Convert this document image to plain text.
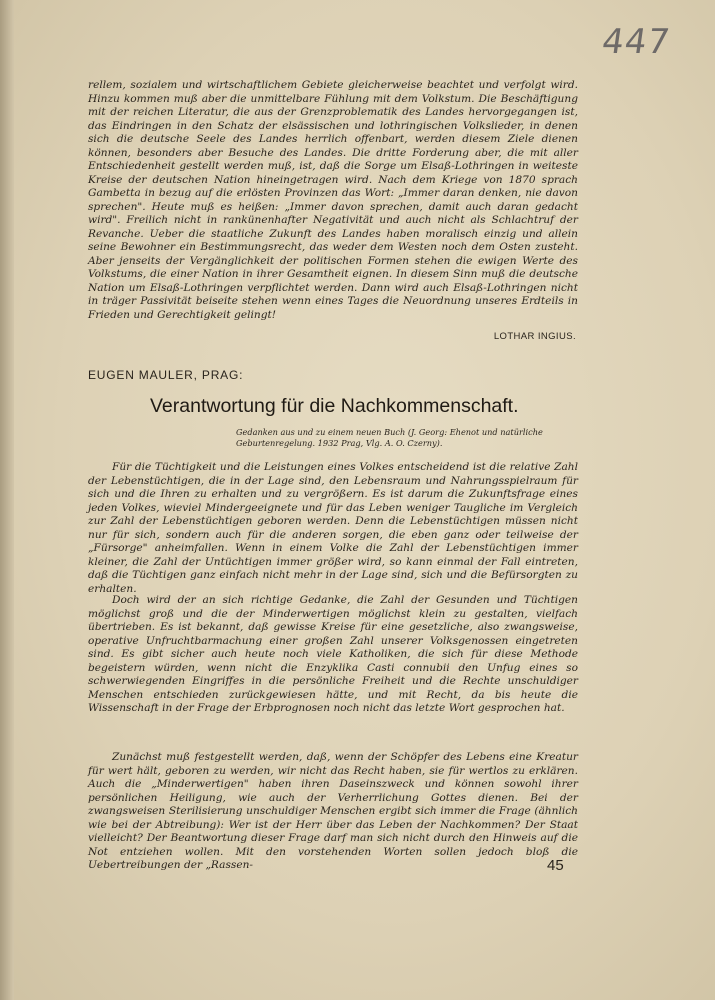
447

rellem, sozialem und wirtschaftlichem Gebiete gleicherweise beachtet und verfolgt wird. Hinzu kommen muß aber die unmittelbare Fühlung mit dem Volkstum. Die Beschäftigung mit der reichen Literatur, die aus der Grenzproblematik des Landes hervorgegangen ist, das Eindringen in den Schatz der elsässischen und lothringischen Volkslieder, in denen sich die deutsche Seele des Landes herrlich offenbart, werden diesem Ziele dienen können, besonders aber Besuche des Landes. Die dritte Forderung aber, die mit aller Entschiedenheit gestellt werden muß, ist, daß die Sorge um Elsaß-Lothringen in weiteste Kreise der deutschen Nation hineingetragen wird. Nach dem Kriege von 1870 sprach Gambetta in bezug auf die erlösten Provinzen das Wort: „Immer daran denken, nie davon sprechen". Heute muß es heißen: „Immer davon sprechen, damit auch daran gedacht wird". Freilich nicht in rankünenhafter Negativität und auch nicht als Schlachtruf der Revanche. Ueber die staatliche Zukunft des Landes haben moralisch einzig und allein seine Bewohner ein Bestimmungsrecht, das weder dem Westen noch dem Osten zusteht. Aber jenseits der Vergänglichkeit der politischen Formen stehen die ewigen Werte des Volkstums, die einer Nation in ihrer Gesamtheit eignen. In diesem Sinn muß die deutsche Nation um Elsaß-Lothringen verpflichtet werden. Dann wird auch Elsaß-Lothringen nicht in träger Passivität beiseite stehen wenn eines Tages die Neuordnung unseres Erdteils in Frieden und Gerechtigkeit gelingt!

LOTHAR INGIUS.
EUGEN MAULER, PRAG:
Verantwortung für die Nachkommenschaft.
Gedanken aus und zu einem neuen Buch (J. Georg: Ehenot und natürliche Geburtenregelung. 1932 Prag, Vlg. A. O. Czerny).

Für die Tüchtigkeit und die Leistungen eines Volkes entscheidend ist die relative Zahl der Lebenstüchtigen, die in der Lage sind, den Lebensraum und Nahrungsspielraum für sich und die Ihren zu erhalten und zu vergrößern. Es ist darum die Zukunftsfrage eines jeden Volkes, wieviel Mindergeeignete und für das Leben weniger Taugliche im Vergleich zur Zahl der Lebenstüchtigen geboren werden. Denn die Lebenstüchtigen müssen nicht nur für sich, sondern auch für die anderen sorgen, die eben ganz oder teilweise der „Fürsorge" anheimfallen. Wenn in einem Volke die Zahl der Lebenstüchtigen immer kleiner, die Zahl der Untüchtigen immer größer wird, so kann einmal der Fall eintreten, daß die Tüchtigen ganz einfach nicht mehr in der Lage sind, sich und die Befürsorgten zu erhalten.

Doch wird der an sich richtige Gedanke, die Zahl der Gesunden und Tüchtigen möglichst groß und die der Minderwertigen möglichst klein zu gestalten, vielfach übertrieben. Es ist bekannt, daß gewisse Kreise für eine gesetzliche, also zwangsweise, operative Unfruchtbarmachung einer großen Zahl unserer Volksgenossen eingetreten sind. Es gibt sicher auch heute noch viele Katholiken, die sich für diese Methode begeistern würden, wenn nicht die Enzyklika Casti connubii den Unfug eines so schwerwiegenden Eingriffes in die persönliche Freiheit und die Rechte unschuldiger Menschen entschieden zurückgewiesen hätte, und mit Recht, da bis heute die Wissenschaft in der Frage der Erbprognosen noch nicht das letzte Wort gesprochen hat.

Zunächst muß festgestellt werden, daß, wenn der Schöpfer des Lebens eine Kreatur für wert hält, geboren zu werden, wir nicht das Recht haben, sie für wertlos zu erklären. Auch die „Minderwertigen" haben ihren Daseinszweck und können sowohl ihrer persönlichen Heiligung, wie auch der Verherrlichung Gottes dienen. Bei der zwangsweisen Sterilisierung unschuldiger Menschen ergibt sich immer die Frage (ähnlich wie bei der Abtreibung): Wer ist der Herr über das Leben der Nachkommen? Der Staat vielleicht? Der Beantwortung dieser Frage darf man sich nicht durch den Hinweis auf die Not entziehen wollen. Mit den vorstehenden Worten sollen jedoch bloß die Uebertreibungen der „Rassen-	45
